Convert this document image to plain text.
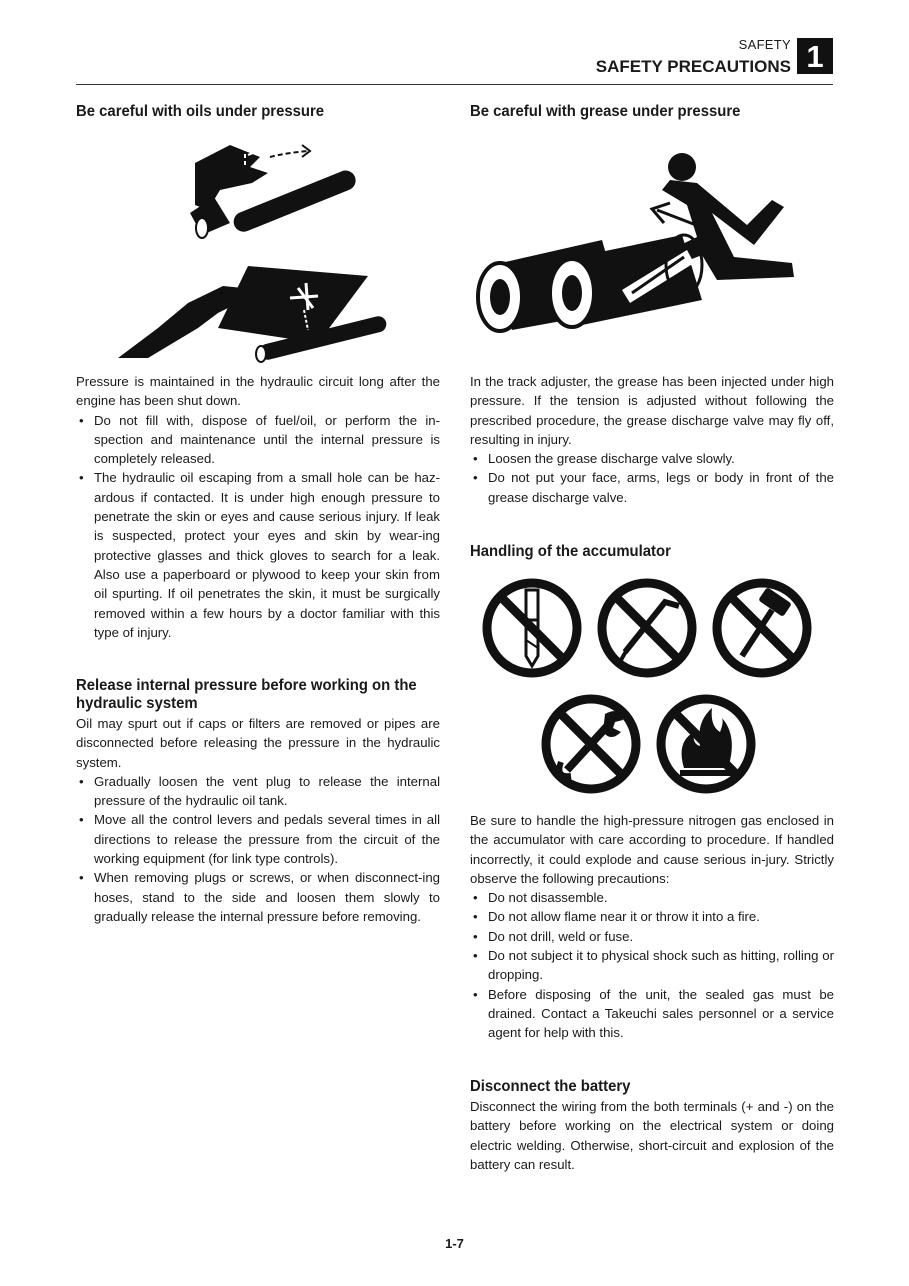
SAFETY
SAFETY PRECAUTIONS 1
Be careful with oils under pressure

Pressure is maintained in the hydraulic circuit long after the engine has been shut down.

• Do not fill with, dispose of fuel/oil, or perform the in-spection and maintenance until the internal pressure is completely released.
• The hydraulic oil escaping from a small hole can be haz-ardous if contacted. It is under high enough pressure to penetrate the skin or eyes and cause serious injury. If leak is suspected, protect your eyes and skin by wear-ing protective glasses and thick gloves to search for a leak. Also use a paperboard or plywood to keep your skin from oil spurting. If oil penetrates the skin, it must be surgically removed within a few hours by a doctor familiar with this type of injury.
Release internal pressure before working on the hydraulic system

Oil may spurt out if caps or filters are removed or pipes are disconnected before releasing the pressure in the hydraulic system.

• Gradually loosen the vent plug to release the internal pressure of the hydraulic oil tank.
• Move all the control levers and pedals several times in all directions to release the pressure from the circuit of the working equipment (for link type controls).
• When removing plugs or screws, or when disconnect-ing hoses, stand to the side and loosen them slowly to gradually release the internal pressure before removing.
Be careful with grease under pressure

In the track adjuster, the grease has been injected under high pressure. If the tension is adjusted without following the prescribed procedure, the grease discharge valve may fly off, resulting in injury.

• Loosen the grease discharge valve slowly.
• Do not put your face, arms, legs or body in front of the grease discharge valve.
Handling of the accumulator

Be sure to handle the high-pressure nitrogen gas enclosed in the accumulator with care according to procedure. If handled incorrectly, it could explode and cause serious in-jury. Strictly observe the following precautions:

• Do not disassemble.
• Do not allow flame near it or throw it into a fire.
• Do not drill, weld or fuse.
• Do not subject it to physical shock such as hitting, rolling or dropping.
• Before disposing of the unit, the sealed gas must be drained. Contact a Takeuchi sales personnel or a service agent for help with this.
Disconnect the battery

Disconnect the wiring from the both terminals (+ and -) on the battery before working on the electrical system or doing electric welding. Otherwise, short-circuit and explosion of the battery can result.

1-7
